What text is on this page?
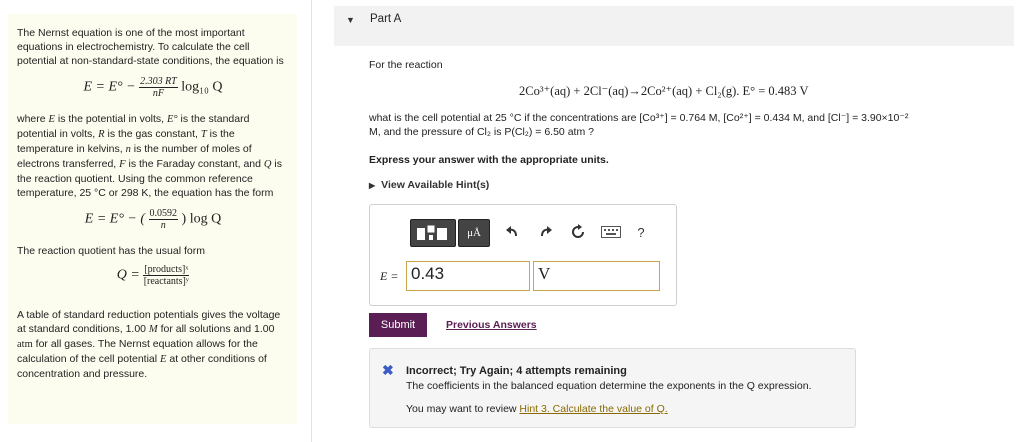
The Nernst equation is one of the most important equations in electrochemistry. To calculate the cell potential at non-standard-state conditions, the equation is

$E = E^\circ - \frac{2.303 RT}{nF} \log_{10}$ Q

where E is the potential in volts, E° is the standard potential in volts, R is the gas constant, T is the temperature in kelvins, n is the number of moles of electrons transferred, F is the Faraday constant, and Q is the reaction quotient. Using the common reference temperature, 25 °C or 298 K, the equation has the form

E = E° − ( $\frac{0.0592}{n}$ ) log Q

The reaction quotient has the usual form

$Q = \frac{\text{[products]ˣ}}{\text{[reactants]ʸ}}$

A table of standard reduction potentials gives the voltage at standard conditions, 1.00 M for all solutions and 1.00 atm for all gases. The Nernst equation allows for the calculation of the cell potential E at other conditions of concentration and pressure.

▼ Part A
For the reaction
2Co³⁺(aq) + 2Cl⁻(aq)→2Co²⁺(aq) + Cl₂(g). E° = 0.483 V
what is the cell potential at 25 °C if the concentrations are [Co³⁺] = 0.764 M, [Co²⁺] = 0.434 M, and [Cl⁻] = 3.90×10⁻²
M, and the pressure of Cl₂ is P(Cl₂) = 6.50 atm ?
Express your answer with the appropriate units.
▶ View Available Hint(s)
μÅ	?
E = 0.43	V
Submit	Previous Answers
✖ Incorrect; Try Again; 4 attempts remaining
The coefficients in the balanced equation determine the exponents in the Q expression.
You may want to review Hint 3. Calculate the value of Q.
